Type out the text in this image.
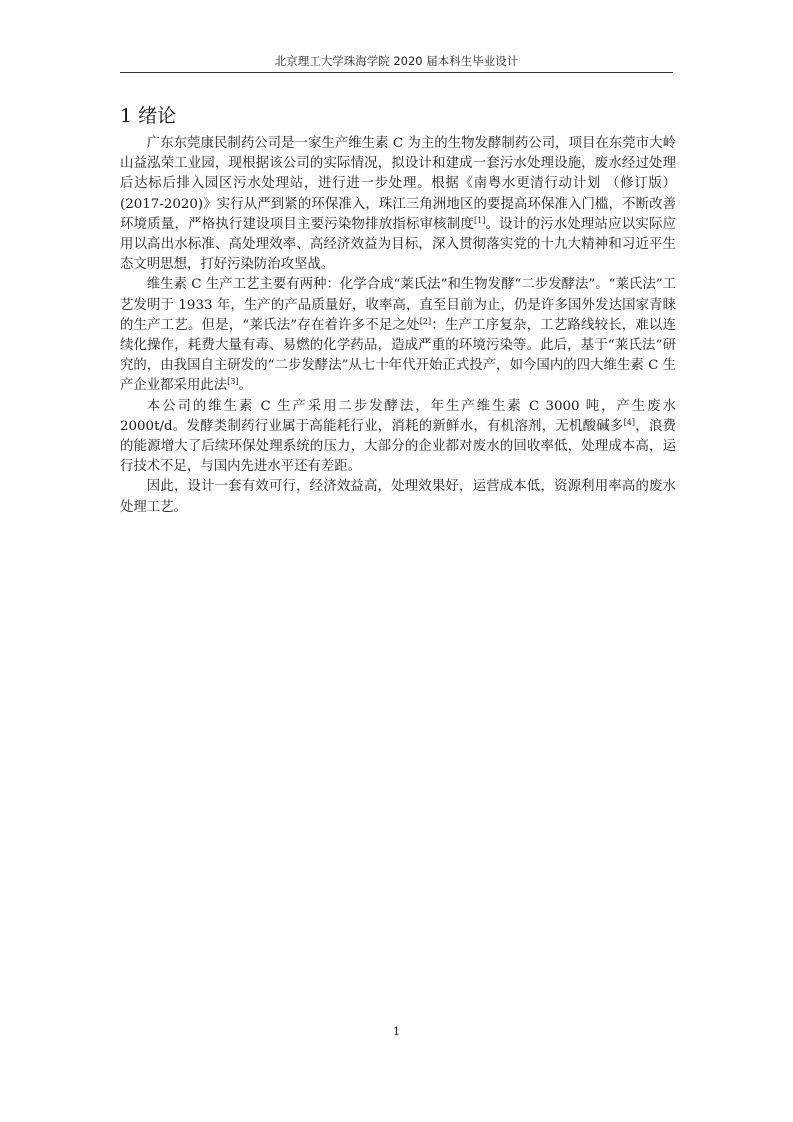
北京理工大学珠海学院 2020 届本科生毕业设计
1 绪论

广东东莞康民制药公司是一家生产维生素 C 为主的生物发酵制药公司，项目在东莞市大岭山益泓荣工业园，现根据该公司的实际情况，拟设计和建成一套污水处理设施，废水经过处理后达标后排入园区污水处理站，进行进一步处理。根据《南粤水更清行动计划 （修订版）(2017-2020)》实行从严到紧的环保准入，珠江三角洲地区的要提高环保准入门槛，不断改善环境质量，严格执行建设项目主要污染物排放指标审核制度[1]。设计的污水处理站应以实际应用以高出水标准、高处理效率、高经济效益为目标，深入贯彻落实党的十九大精神和习近平生态文明思想，打好污染防治攻坚战。

维生素 C 生产工艺主要有两种：化学合成“莱氏法”和生物发酵“二步发酵法”。“莱氏法”工艺发明于 1933 年，生产的产品质量好，收率高，直至目前为止，仍是许多国外发达国家青睐的生产工艺。但是，“莱氏法”存在着许多不足之处[2]：生产工序复杂，工艺路线较长，难以连续化操作，耗费大量有毒、易燃的化学药品，造成严重的环境污染等。此后，基于“莱氏法”研究的，由我国自主研发的“二步发酵法”从七十年代开始正式投产，如今国内的四大维生素 C 生产企业都采用此法[3]。

本公司的维生素 C 生产采用二步发酵法，年生产维生素 C 3000 吨，产生废水 2000t/d。发酵类制药行业属于高能耗行业，消耗的新鲜水，有机溶剂，无机酸碱多[4]，浪费的能源增大了后续环保处理系统的压力，大部分的企业都对废水的回收率低，处理成本高，运行技术不足，与国内先进水平还有差距。

因此，设计一套有效可行，经济效益高，处理效果好，运营成本低，资源利用率高的废水处理工艺。

1
